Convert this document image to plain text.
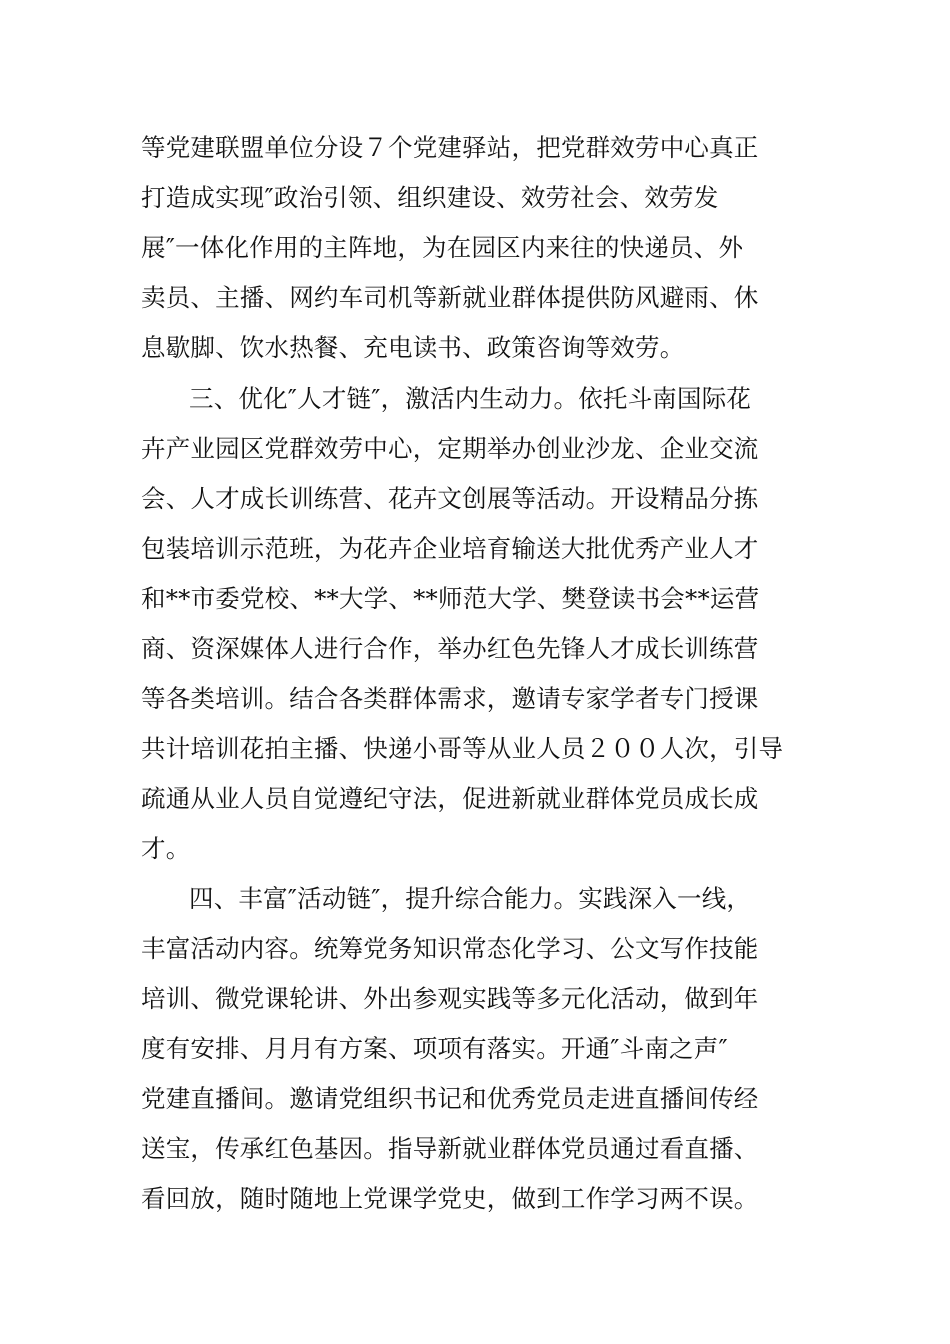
等党建联盟单位分设７个党建驿站，把党群效劳中心真正
打造成实现″政治引领、组织建设、效劳社会、效劳发
展″一体化作用的主阵地，为在园区内来往的快递员、外
卖员、主播、网约车司机等新就业群体提供防风避雨、休
息歇脚、饮水热餐、充电读书、政策咨询等效劳。
三、优化″人才链″，激活内生动力。依托斗南国际花
卉产业园区党群效劳中心，定期举办创业沙龙、企业交流
会、人才成长训练营、花卉文创展等活动。开设精品分拣
包装培训示范班，为花卉企业培育输送大批优秀产业人才
和**市委党校、**大学、**师范大学、樊登读书会**运营
商、资深媒体人进行合作，举办红色先锋人才成长训练营
等各类培训。结合各类群体需求，邀请专家学者专门授课
共计培训花拍主播、快递小哥等从业人员２００人次，引导
疏通从业人员自觉遵纪守法，促进新就业群体党员成长成
才。
四、丰富″活动链″，提升综合能力。实践深入一线，
丰富活动内容。统筹党务知识常态化学习、公文写作技能
培训、微党课轮讲、外出参观实践等多元化活动，做到年
度有安排、月月有方案、项项有落实。开通″斗南之声″
党建直播间。邀请党组织书记和优秀党员走进直播间传经
送宝，传承红色基因。指导新就业群体党员通过看直播、
看回放，随时随地上党课学党史，做到工作学习两不误。
